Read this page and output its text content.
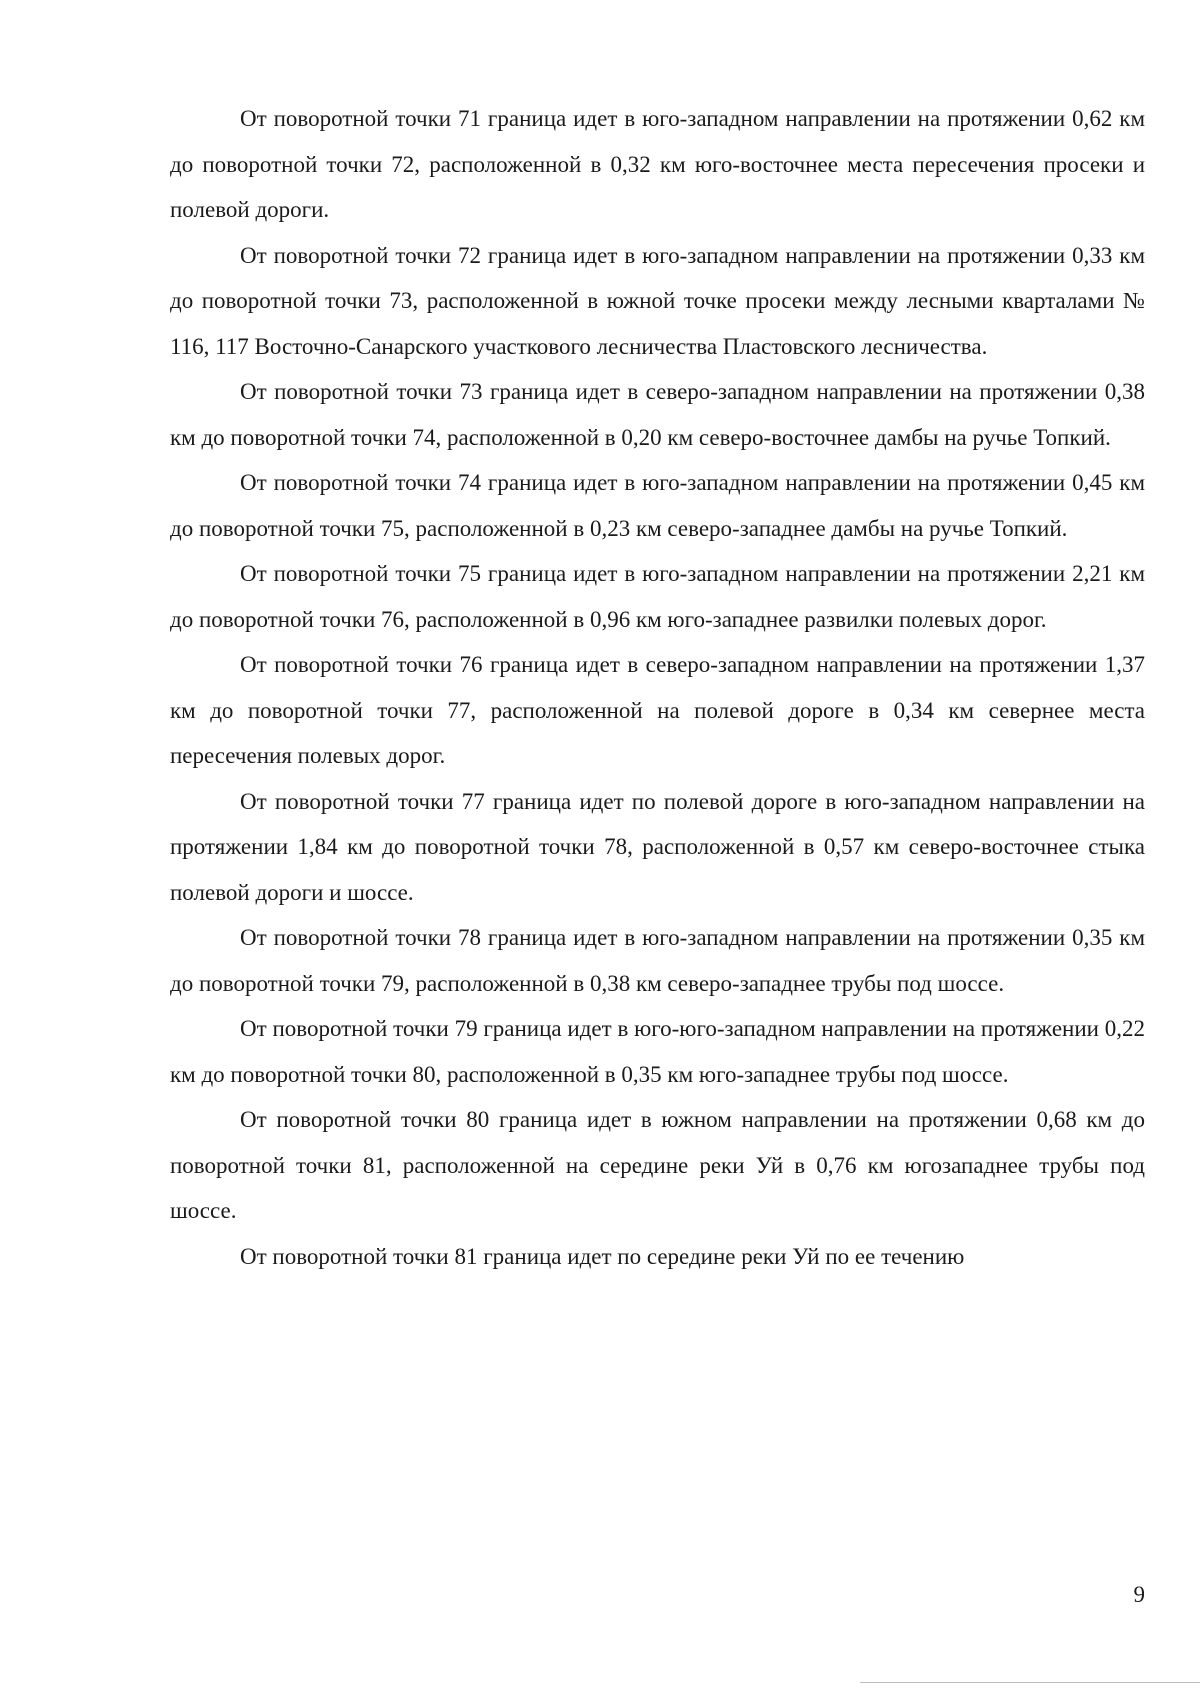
От поворотной точки 71 граница идет в юго-западном направлении на протяжении 0,62 км до поворотной точки 72, расположенной в 0,32 км юго-восточнее места пересечения просеки и полевой дороги.

От поворотной точки 72 граница идет в юго-западном направлении на протяжении 0,33 км до поворотной точки 73, расположенной в южной точке просеки между лесными кварталами № 116, 117 Восточно-Санарского участкового лесничества Пластовского лесничества.

От поворотной точки 73 граница идет в северо-западном направлении на протяжении 0,38 км до поворотной точки 74, расположенной в 0,20 км северо-восточнее дамбы на ручье Топкий.

От поворотной точки 74 граница идет в юго-западном направлении на протяжении 0,45 км до поворотной точки 75, расположенной в 0,23 км северо-западнее дамбы на ручье Топкий.

От поворотной точки 75 граница идет в юго-западном направлении на протяжении 2,21 км до поворотной точки 76, расположенной в 0,96 км юго-западнее развилки полевых дорог.

От поворотной точки 76 граница идет в северо-западном направлении на протяжении 1,37 км до поворотной точки 77, расположенной на полевой дороге в 0,34 км севернее места пересечения полевых дорог.

От поворотной точки 77 граница идет по полевой дороге в юго-западном направлении на протяжении 1,84 км до поворотной точки 78, расположенной в 0,57 км северо-восточнее стыка полевой дороги и шоссе.

От поворотной точки 78 граница идет в юго-западном направлении на протяжении 0,35 км до поворотной точки 79, расположенной в 0,38 км северо-западнее трубы под шоссе.

От поворотной точки 79 граница идет в юго-юго-западном направлении на протяжении 0,22 км до поворотной точки 80, расположенной в 0,35 км юго-западнее трубы под шоссе.

От поворотной точки 80 граница идет в южном направлении на протяжении 0,68 км до поворотной точки 81, расположенной на середине реки Уй в 0,76 км югозападнее трубы под шоссе.

От поворотной точки 81 граница идет по середине реки Уй по ее течению

9
